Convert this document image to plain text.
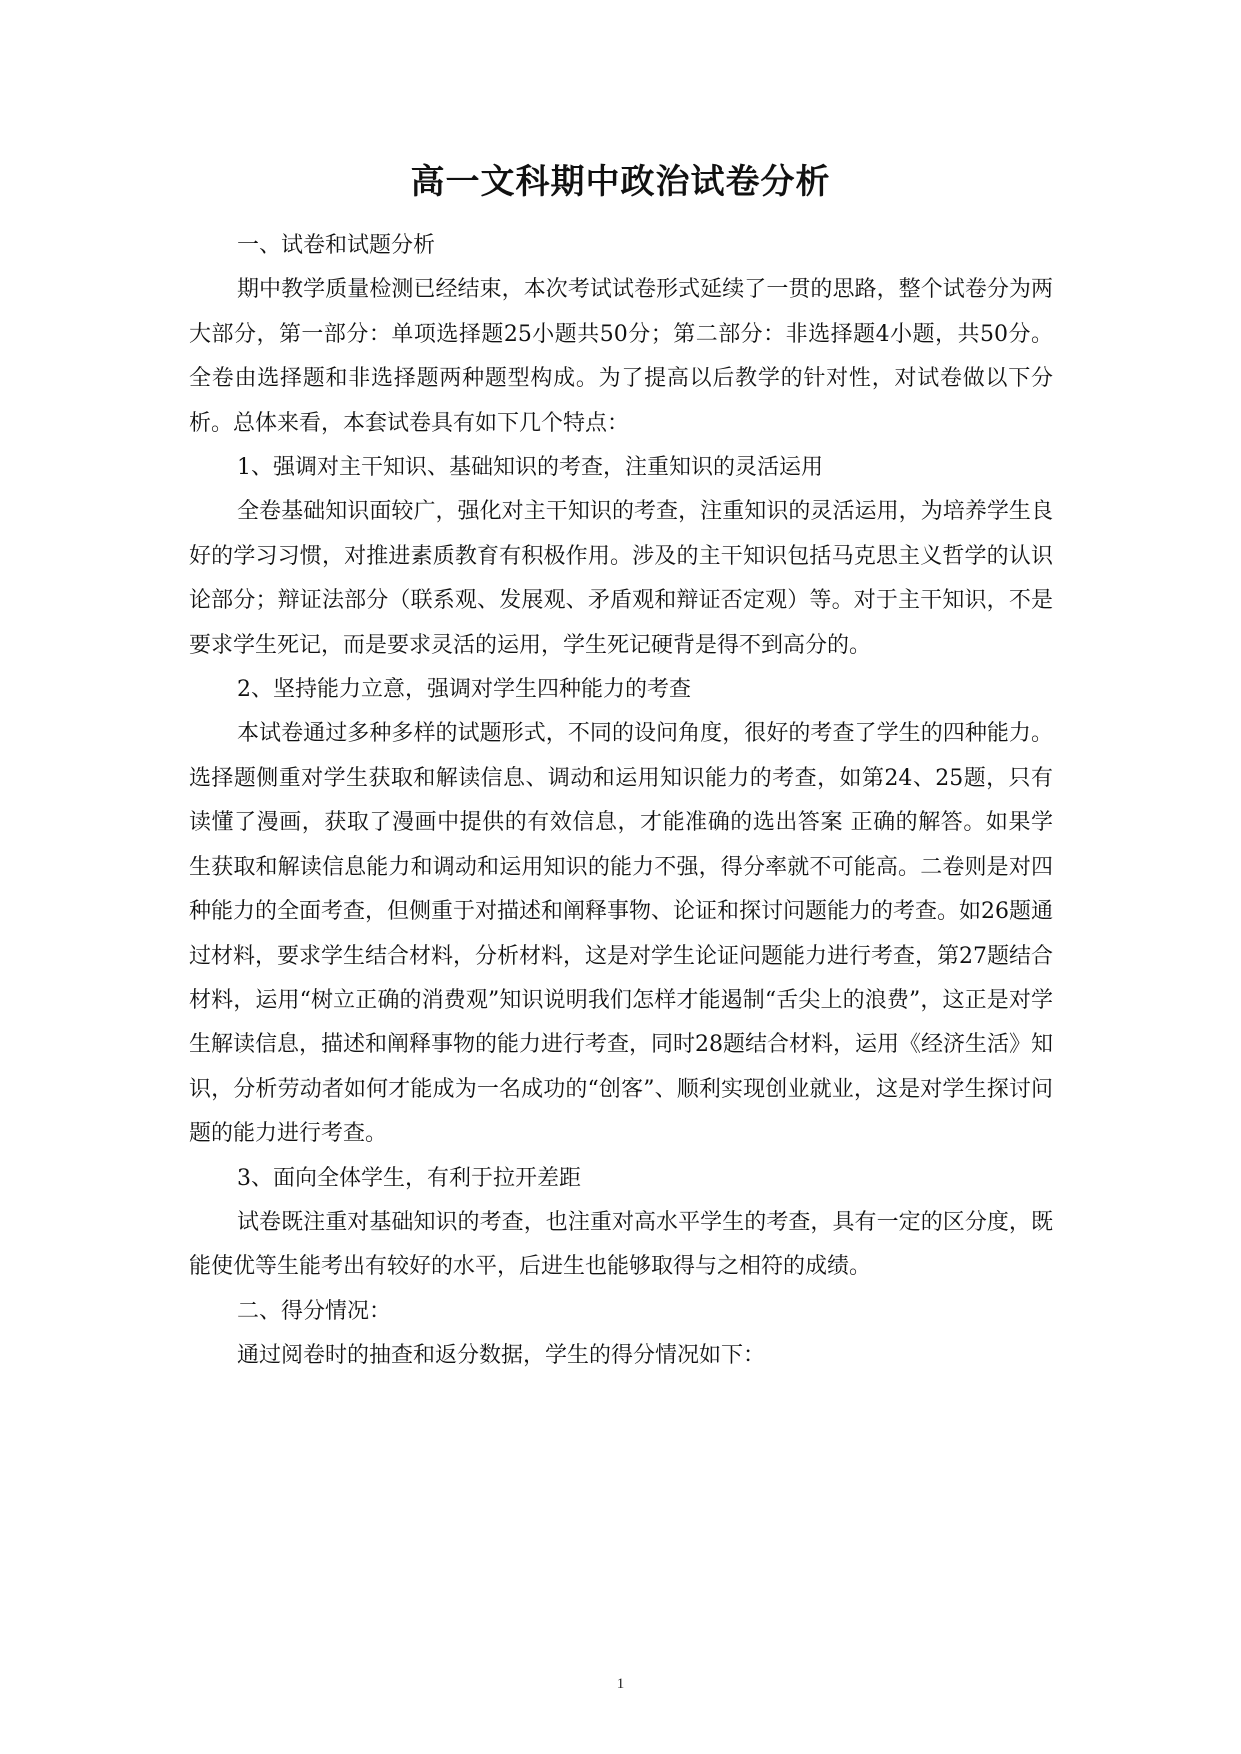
高一文科期中政治试卷分析

一、试卷和试题分析

期中教学质量检测已经结束，本次考试试卷形式延续了一贯的思路，整个试卷分为两大部分，第一部分：单项选择题25小题共50分；第二部分：非选择题4小题，共50分。全卷由选择题和非选择题两种题型构成。为了提高以后教学的针对性，对试卷做以下分析。总体来看，本套试卷具有如下几个特点：

1、强调对主干知识、基础知识的考查，注重知识的灵活运用

全卷基础知识面较广，强化对主干知识的考查，注重知识的灵活运用，为培养学生良好的学习习惯，对推进素质教育有积极作用。涉及的主干知识包括马克思主义哲学的认识论部分；辩证法部分（联系观、发展观、矛盾观和辩证否定观）等。对于主干知识，不是要求学生死记，而是要求灵活的运用，学生死记硬背是得不到高分的。

2、坚持能力立意，强调对学生四种能力的考查

本试卷通过多种多样的试题形式，不同的设问角度，很好的考查了学生的四种能力。选择题侧重对学生获取和解读信息、调动和运用知识能力的考查，如第24、25题，只有读懂了漫画，获取了漫画中提供的有效信息，才能准确的选出答案 正确的解答。如果学生获取和解读信息能力和调动和运用知识的能力不强，得分率就不可能高。二卷则是对四种能力的全面考查，但侧重于对描述和阐释事物、论证和探讨问题能力的考查。如26题通过材料，要求学生结合材料，分析材料，这是对学生论证问题能力进行考查，第27题结合材料，运用“树立正确的消费观”知识说明我们怎样才能遏制“舌尖上的浪费”，这正是对学生解读信息，描述和阐释事物的能力进行考查，同时28题结合材料，运用《经济生活》知识，分析劳动者如何才能成为一名成功的“创客”、顺利实现创业就业，这是对学生探讨问题的能力进行考查。

3、面向全体学生，有利于拉开差距

试卷既注重对基础知识的考查，也注重对高水平学生的考查，具有一定的区分度，既能使优等生能考出有较好的水平，后进生也能够取得与之相符的成绩。

二、得分情况：

通过阅卷时的抽查和返分数据，学生的得分情况如下：

1
